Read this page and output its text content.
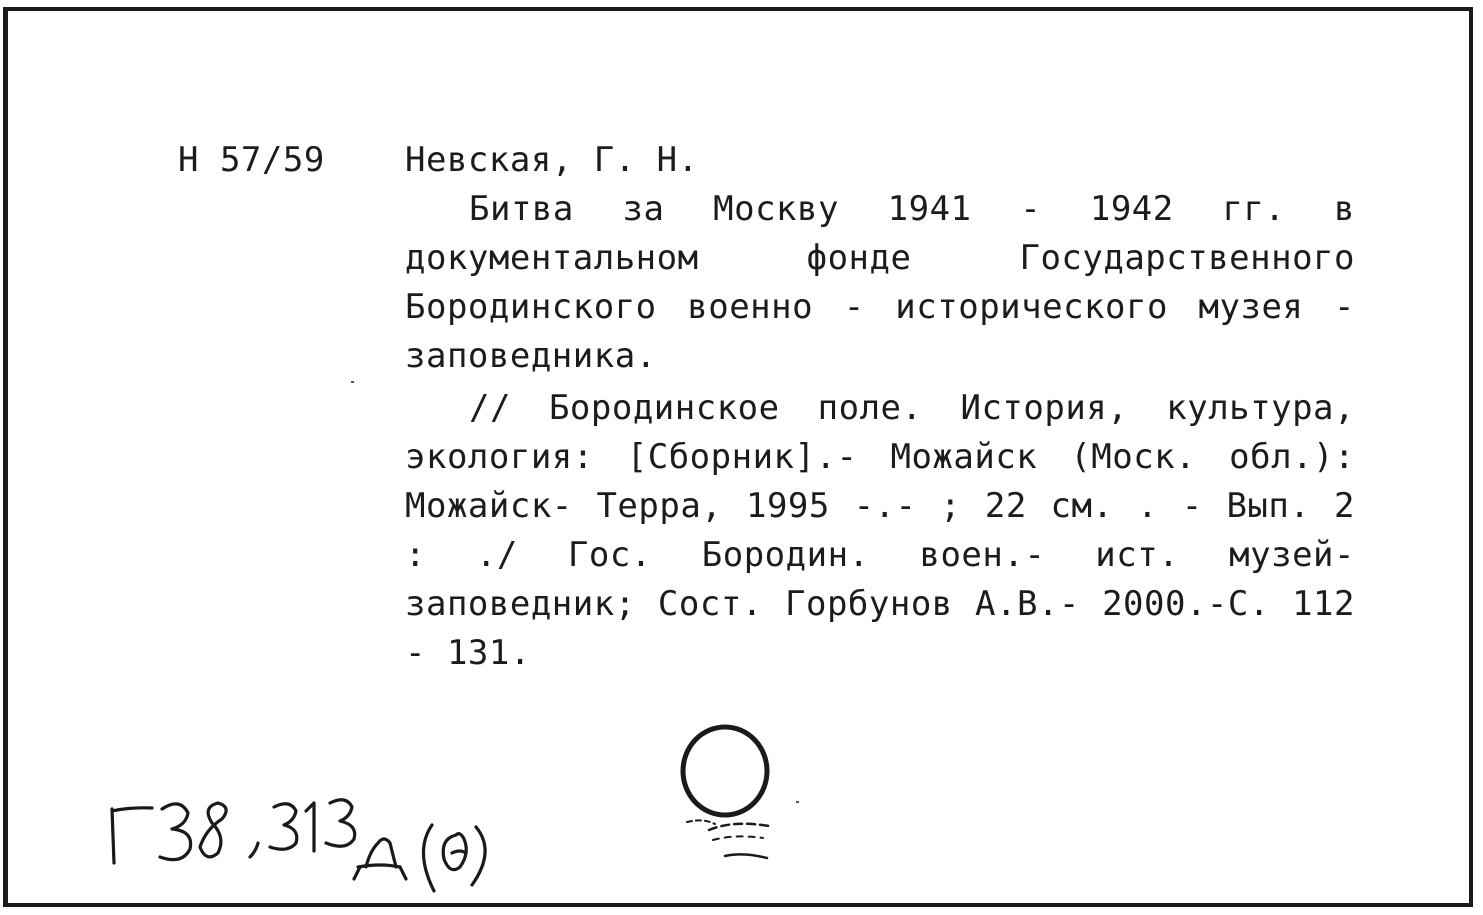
Н 57/59 Невская, Г. Н.

Битва за Москву 1941 - 1942 гг. в документальном фонде Государственного Бородинского военно - исторического музея - заповедника.

// Бородинское поле. История, культура, экология: [Сборник].- Можайск (Моск. обл.): Можайск- Терра, 1995 -.- ; 22 см. . - Вып. 2 : ./ Гос. Бородин. воен.- ист. музей-заповедник; Сост. Горбунов А.В.- 2000.-С. 112 - 131.
